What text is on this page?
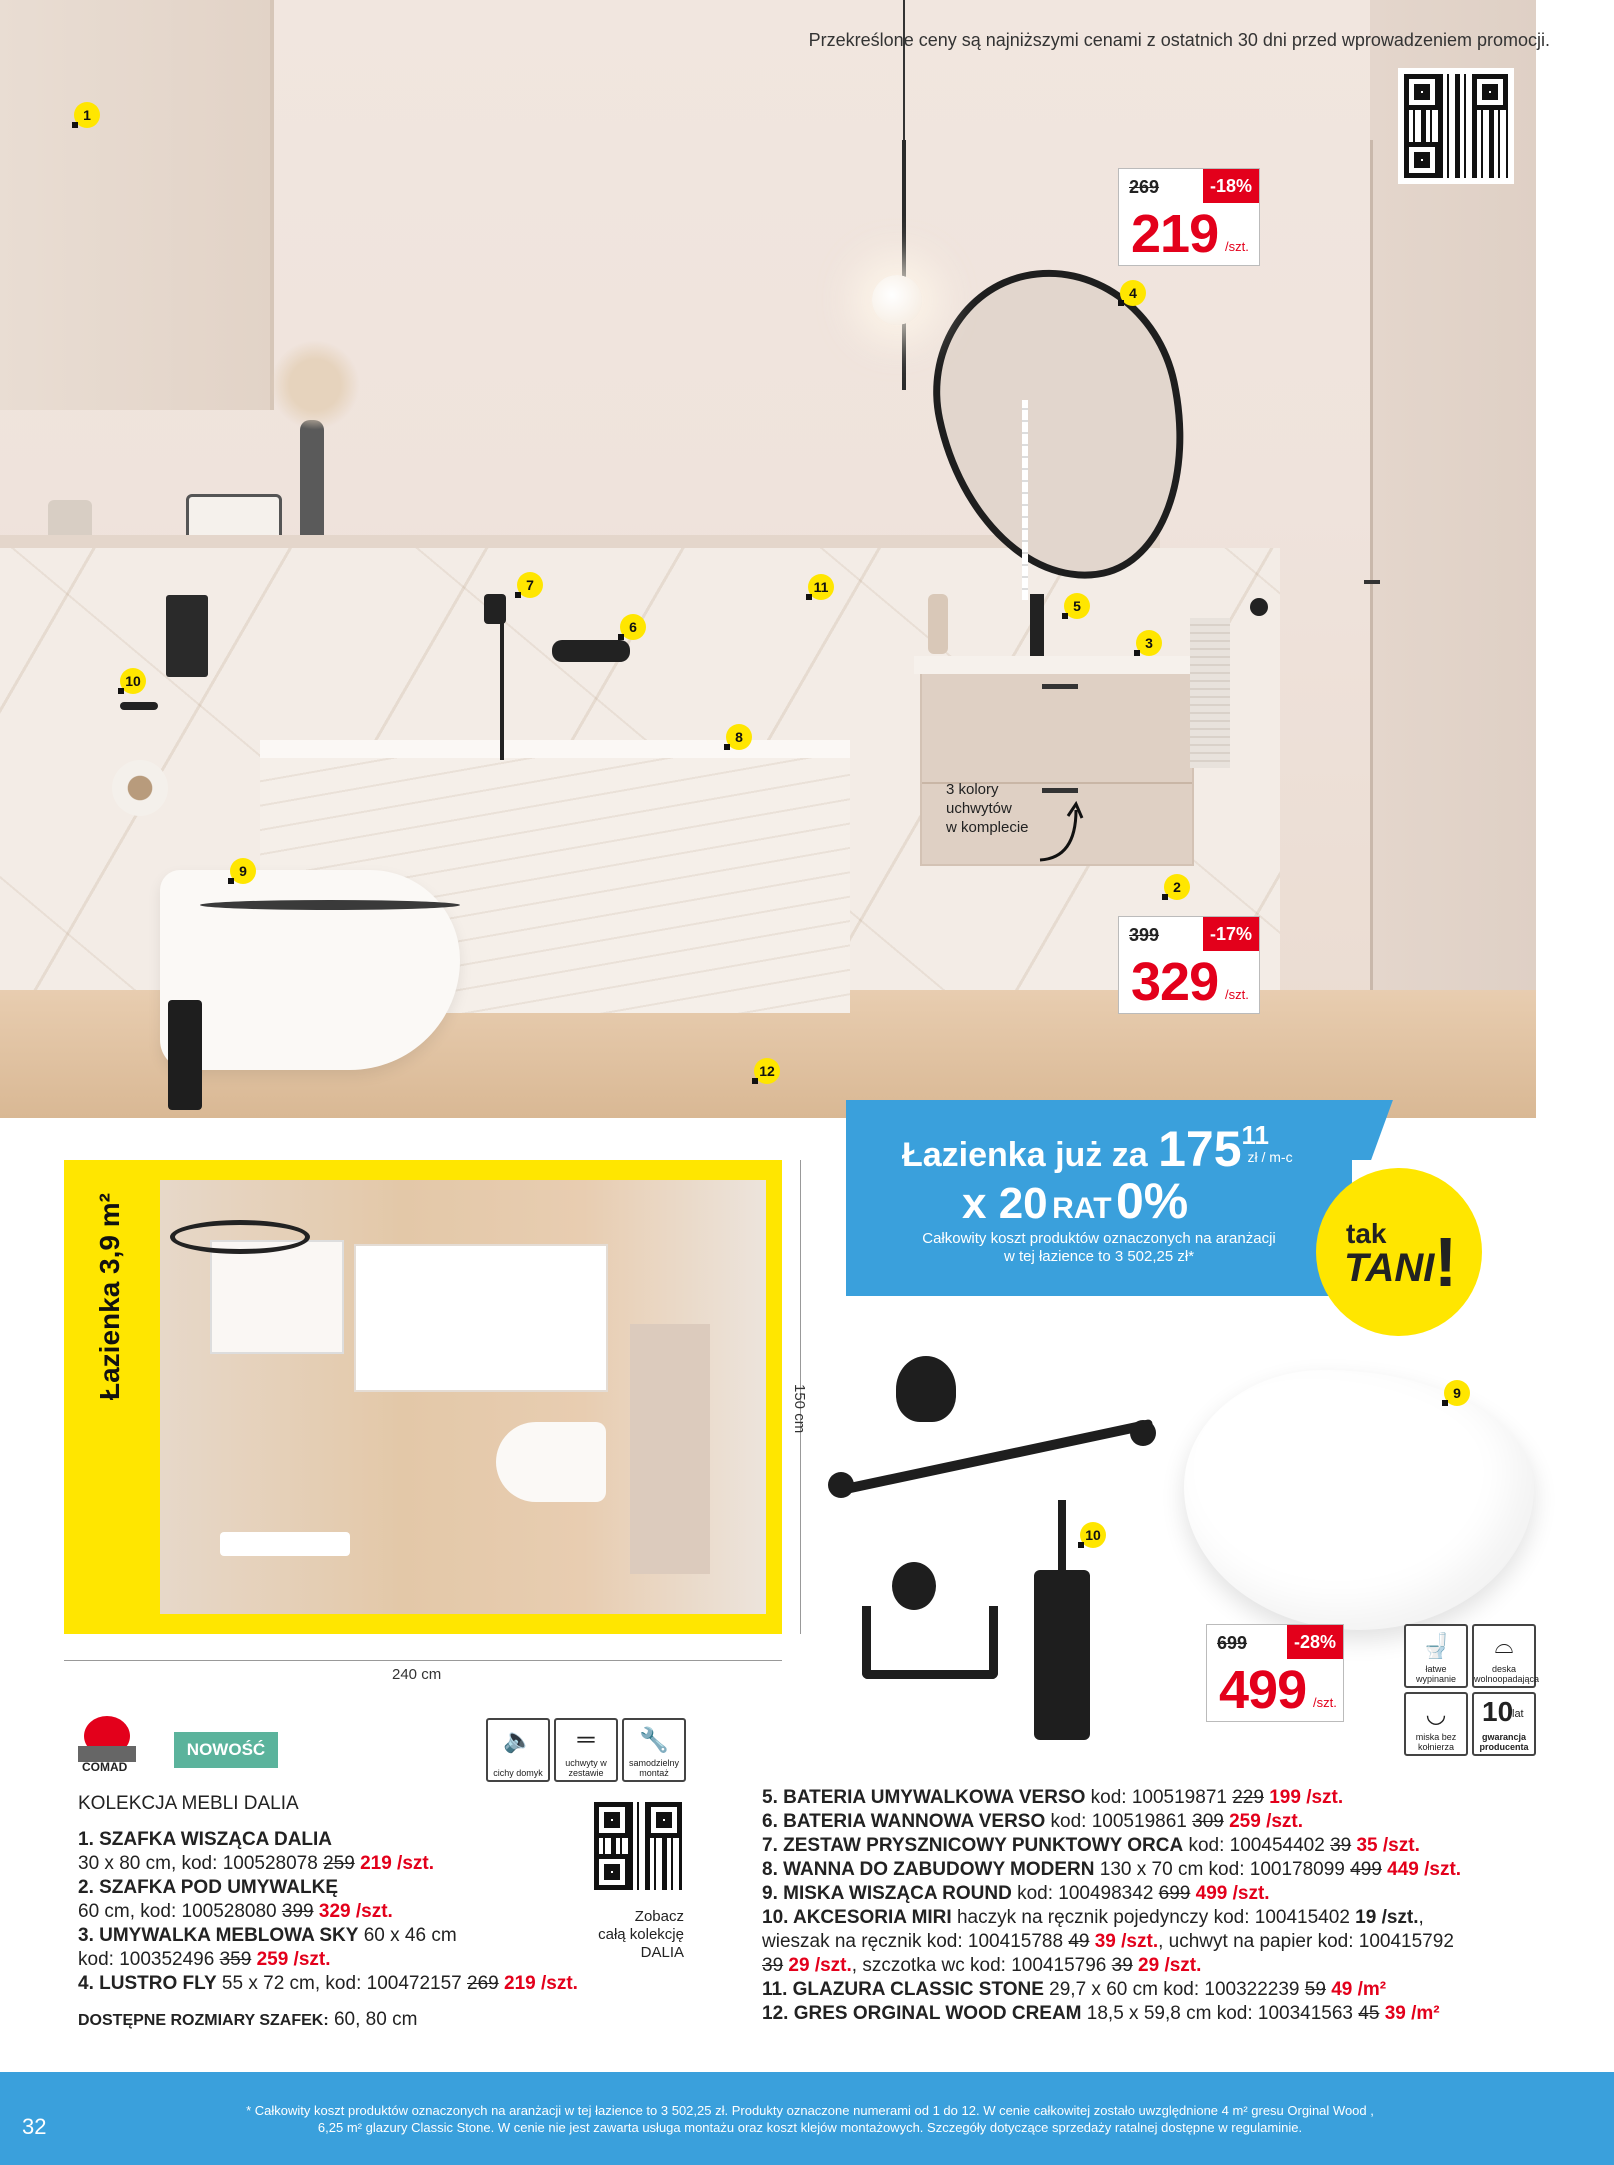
3 kolory
uchwytów
w komplecie
1
4
7	11
5
6
3
10
8
9
2
12
Przekreślone ceny są najniższymi cenami z ostatnich 30 dni przed wprowadzeniem promocji.
269	-18%
219 /szt.
399	-17%
329 /szt.
Łazienka 3,9 m²
240 cm
150 cm
Łazienka już za 17511 zł / m-c
x 20 RAT 0%
Całkowity koszt produktów oznaczonych na aranżacji
w tej łazience to 3 502,25 zł*
tak
TANI !
10
9
699	-28%
499 /szt.
🚽
łatwe wypinanie
⌓
deska wolnoopadająca
◡
miska bez kołnierza
10
lat
gwarancja producenta
COMAD
NOWOŚĆ	🔈
cichy domyk
═
uchwyty w zestawie
🔧
samodzielny montaż
Zobacz
całą kolekcję
DALIA
KOLEKCJA MEBLI DALIA
1. SZAFKA WISZĄCA DALIA
30 x 80 cm, kod: 100528078 259 219 /szt.
2. SZAFKA POD UMYWALKĘ
60 cm, kod: 100528080 399 329 /szt.
3. UMYWALKA MEBLOWA SKY 60 x 46 cm
kod: 100352496 359 259 /szt.
4. LUSTRO FLY 55 x 72 cm, kod: 100472157 269 219 /szt.
DOSTĘPNE ROZMIARY SZAFEK: 60, 80 cm
5. BATERIA UMYWALKOWA VERSO kod: 100519871 229 199 /szt.
6. BATERIA WANNOWA VERSO kod: 100519861 309 259 /szt.
7. ZESTAW PRYSZNICOWY PUNKTOWY ORCA kod: 100454402 39 35 /szt.
8. WANNA DO ZABUDOWY MODERN 130 x 70 cm kod: 100178099 499 449 /szt.
9. MISKA WISZĄCA ROUND kod: 100498342 699 499 /szt.
10. AKCESORIA MIRI haczyk na ręcznik pojedynczy kod: 100415402 19 /szt.,
wieszak na ręcznik kod: 100415788 49 39 /szt., uchwyt na papier kod: 100415792
39 29 /szt., szczotka wc kod: 100415796 39 29 /szt.
11. GLAZURA CLASSIC STONE 29,7 x 60 cm kod: 100322239 59 49 /m²
12. GRES ORGINAL WOOD CREAM 18,5 x 59,8 cm kod: 100341563 45 39 /m²
32
* Całkowity koszt produktów oznaczonych na aranżacji w tej łazience to 3 502,25 zł. Produkty oznaczone numerami od 1 do 12. W cenie całkowitej zostało uwzględnione 4 m² gresu Orginal Wood ,
6,25 m² glazury Classic Stone. W cenie nie jest zawarta usługa montażu oraz koszt klejów montażowych. Szczegóły dotyczące sprzedaży ratalnej dostępne w regulaminie.
